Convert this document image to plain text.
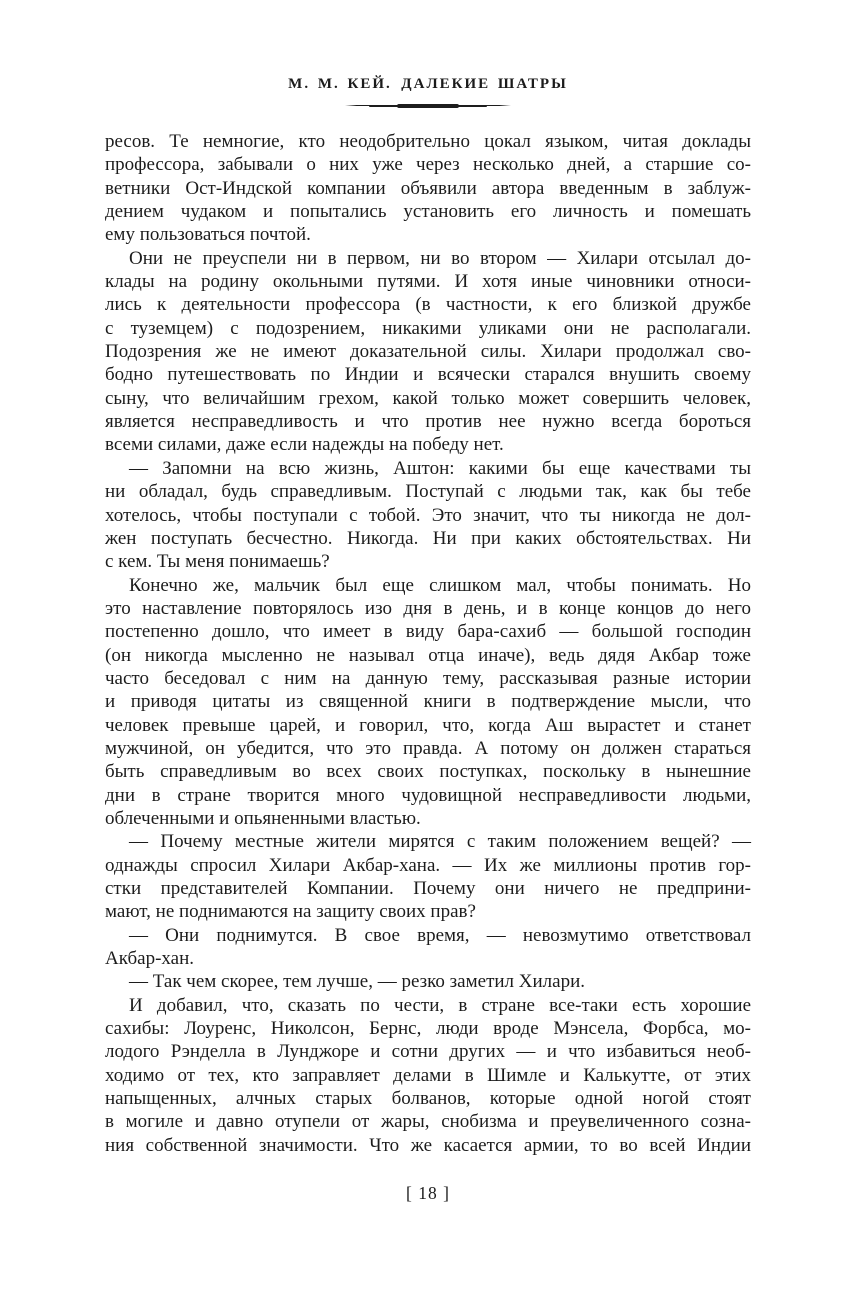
М. М. КЕЙ. ДАЛЕКИЕ ШАТРЫ
ресов. Те немногие, кто неодобрительно цокал языком, читая доклады
профессора, забывали о них уже через несколько дней, а старшие со-
ветники Ост-Индской компании объявили автора введенным в заблуж-
дением чудаком и попытались установить его личность и помешать
ему пользоваться почтой.
Они не преуспели ни в первом, ни во втором — Хилари отсылал до-
клады на родину окольными путями. И хотя иные чиновники относи-
лись к деятельности профессора (в частности, к его близкой дружбе
с туземцем) с подозрением, никакими уликами они не располагали.
Подозрения же не имеют доказательной силы. Хилари продолжал сво-
бодно путешествовать по Индии и всячески старался внушить своему
сыну, что величайшим грехом, какой только может совершить человек,
является несправедливость и что против нее нужно всегда бороться
всеми силами, даже если надежды на победу нет.
— Запомни на всю жизнь, Аштон: какими бы еще качествами ты
ни обладал, будь справедливым. Поступай с людьми так, как бы тебе
хотелось, чтобы поступали с тобой. Это значит, что ты никогда не дол-
жен поступать бесчестно. Никогда. Ни при каких обстоятельствах. Ни
с кем. Ты меня понимаешь?
Конечно же, мальчик был еще слишком мал, чтобы понимать. Но
это наставление повторялось изо дня в день, и в конце концов до него
постепенно дошло, что имеет в виду бара-сахиб — большой господин
(он никогда мысленно не называл отца иначе), ведь дядя Акбар тоже
часто беседовал с ним на данную тему, рассказывая разные истории
и приводя цитаты из священной книги в подтверждение мысли, что
человек превыше царей, и говорил, что, когда Аш вырастет и станет
мужчиной, он убедится, что это правда. А потому он должен стараться
быть справедливым во всех своих поступках, поскольку в нынешние
дни в стране творится много чудовищной несправедливости людьми,
облеченными и опьяненными властью.
— Почему местные жители мирятся с таким положением вещей? —
однажды спросил Хилари Акбар-хана. — Их же миллионы против гор-
стки представителей Компании. Почему они ничего не предприни-
мают, не поднимаются на защиту своих прав?
— Они поднимутся. В свое время, — невозмутимо ответствовал
Акбар-хан.
— Так чем скорее, тем лучше, — резко заметил Хилари.
И добавил, что, сказать по чести, в стране все-таки есть хорошие
сахибы: Лоуренс, Николсон, Бернс, люди вроде Мэнсела, Форбса, мо-
лодого Рэнделла в Лунджоре и сотни других — и что избавиться необ-
ходимо от тех, кто заправляет делами в Шимле и Калькутте, от этих
напыщенных, алчных старых болванов, которые одной ногой стоят
в могиле и давно отупели от жары, снобизма и преувеличенного созна-
ния собственной значимости. Что же касается армии, то во всей Индии
[ 18 ]
